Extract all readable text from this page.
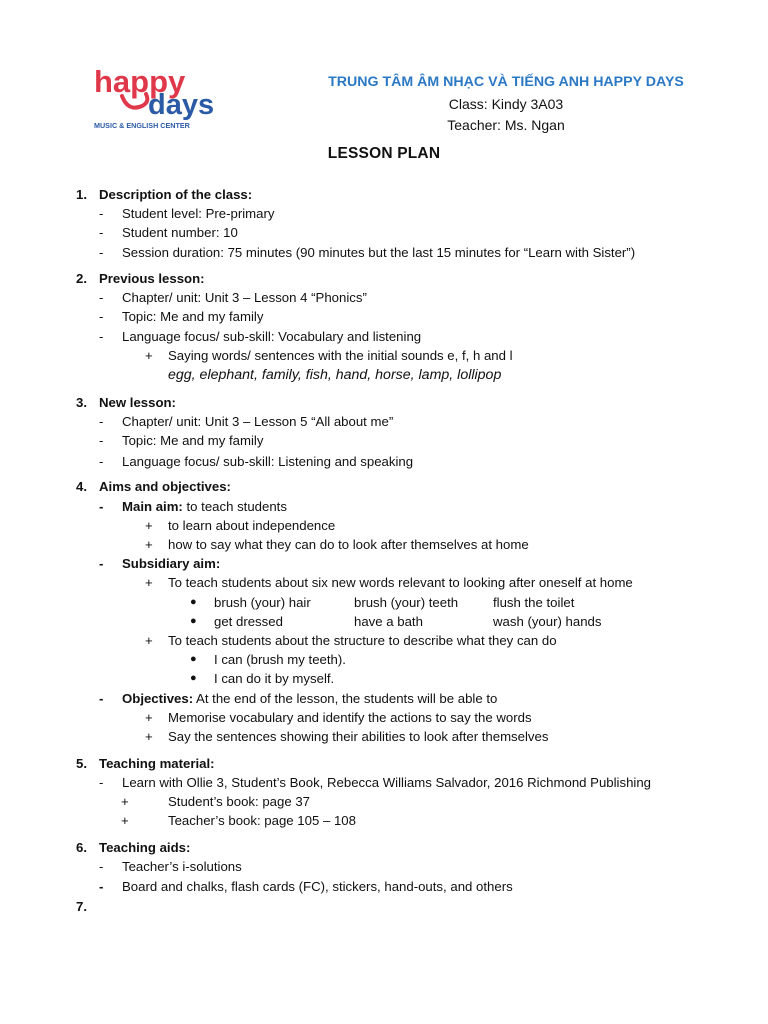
happy
days
MUSIC & ENGLISH CENTER
TRUNG TÂM ÂM NHẠC VÀ TIẾNG ANH HAPPY DAYS
Class: Kindy 3A03
Teacher: Ms. Ngan
LESSON PLAN
1. Description of the class:
- Student level: Pre-primary
- Student number: 10
- Session duration: 75 minutes (90 minutes but the last 15 minutes for “Learn with Sister”)
2. Previous lesson:
- Chapter/ unit: Unit 3 – Lesson 4 “Phonics”
- Topic: Me and my family
- Language focus/ sub-skill: Vocabulary and listening
+ Saying words/ sentences with the initial sounds e, f, h and l
egg, elephant, family, fish, hand, horse, lamp, lollipop
3. New lesson:
- Chapter/ unit: Unit 3 – Lesson 5 “All about me”
- Topic: Me and my family
- Language focus/ sub-skill: Listening and speaking
4. Aims and objectives:
- Main aim: to teach students
+ to learn about independence
+ how to say what they can do to look after themselves at home
- Subsidiary aim:
+ To teach students about six new words relevant to looking after oneself at home
● brush (your) hair	brush (your) teeth	flush the toilet
● get dressed	have a bath	wash (your) hands
+ To teach students about the structure to describe what they can do
● I can (brush my teeth).
● I can do it by myself.
- Objectives: At the end of the lesson, the students will be able to
+ Memorise vocabulary and identify the actions to say the words
+ Say the sentences showing their abilities to look after themselves
5. Teaching material:
- Learn with Ollie 3, Student’s Book, Rebecca Williams Salvador, 2016 Richmond Publishing
+	Student’s book: page 37
+	Teacher’s book: page 105 – 108
6. Teaching aids:
- Teacher’s i-solutions
- Board and chalks, flash cards (FC), stickers, hand-outs, and others
7.
